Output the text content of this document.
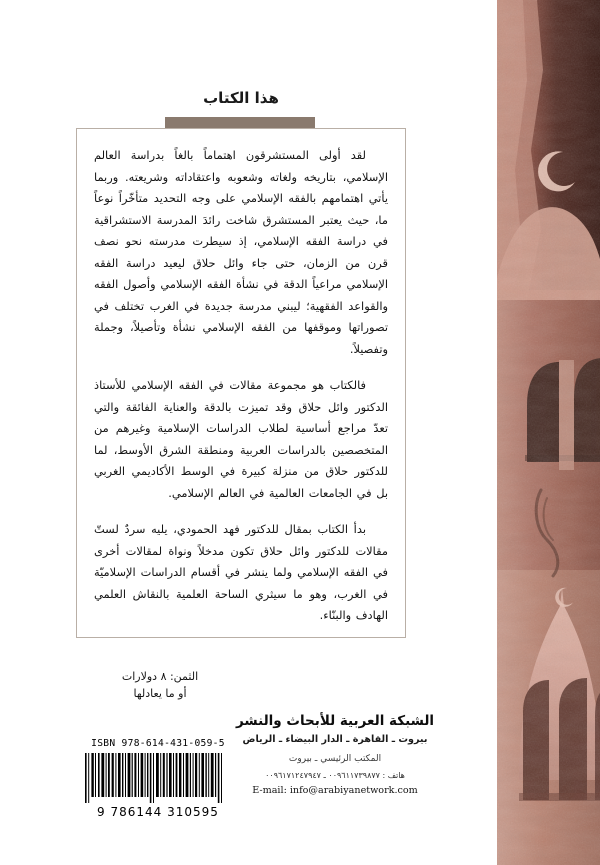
هذا الكتاب

لقد أولى المستشرقون اهتماماً بالغاً بدراسة العالم الإسلامي، بتاريخه ولغاته وشعوبه واعتقاداته وشريعته. وربما يأتي اهتمامهم بالفقه الإسلامي على وجه التحديد متأخّراً نوعاً ما، حيث يعتبر المستشرق شاخت رائدَ المدرسة الاستشراقية في دراسة الفقه الإسلامي، إذ سيطرت مدرسته نحو نصف قرن من الزمان، حتى جاء وائل حلاق ليعيد دراسة الفقه الإسلامي مراعياً الدقة في نشأة الفقه الإسلامي وأصول الفقه والقواعد الفقهية؛ ليبني مدرسة جديدة في الغرب تختلف في تصوراتها وموقفها من الفقه الإسلامي نشأة وتأصيلاً، وجملة وتفصيلاً.

فالكتاب هو مجموعة مقالات في الفقه الإسلامي للأستاذ الدكتور وائل حلاق وقد تميزت بالدقة والعناية الفائقة والتي تعدّ مراجع أساسية لطلاب الدراسات الإسلامية وغيرهم من المتخصصين بالدراسات العربية ومنطقة الشرق الأوسط، لما للدكتور حلاق من منزلة كبيرة في الوسط الأكاديمي الغربي بل في الجامعات العالمية في العالم الإسلامي.

بدأ الكتاب بمقال للدكتور فهد الحمودي، يليه سردٌ لستّ مقالات للدكتور وائل حلاق تكون مدخلاً ونواة لمقالات أخرى في الفقه الإسلامي ولما ينشر في أقسام الدراسات الإسلاميّة في الغرب، وهو ما سيثري الساحة العلمية بالنقاش العلمي الهادف والبنّاء.

الثمن: ٨ دولارات
أو ما يعادلها
ISBN 978-614-431-059-5
9 786144 310595
الشبكة العربية للأبحاث والنشر
بيروت ـ القاهرة ـ الدار البيضاء ـ الرياض
المكتب الرئيسي ـ بيروت
هاتف : ٠٠٩٦١١٧٣٩٨٧٧ ـ ٠٠٩٦١٧١٢٤٧٩٤٧
E-mail: info@arabiyanetwork.com
